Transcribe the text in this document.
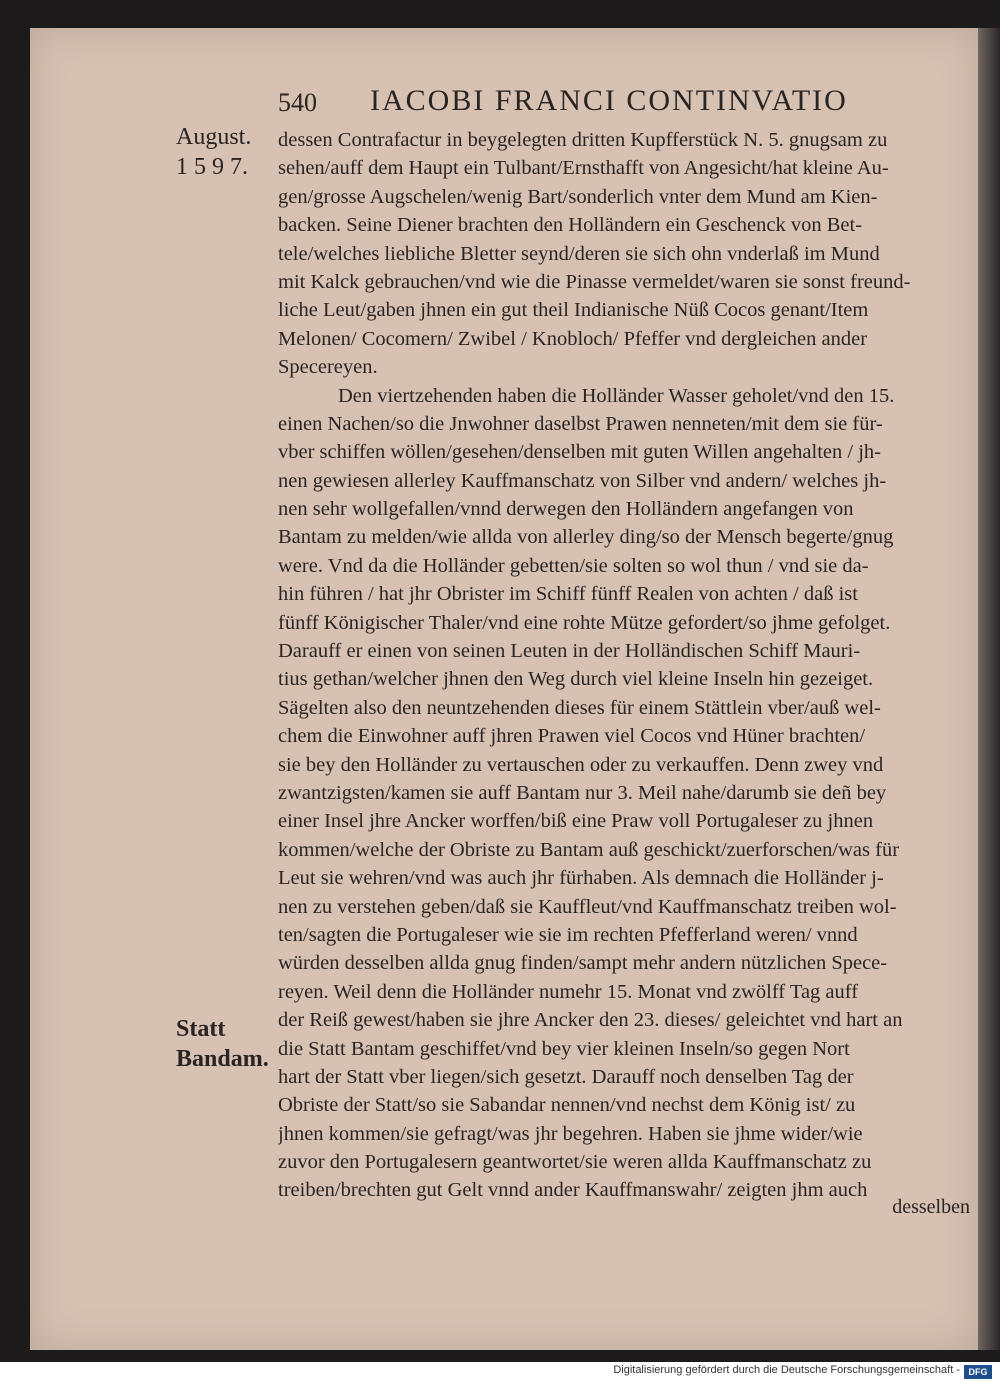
540 IACOBI FRANCI CONTINVATIO
August.
1 5 9 7.
Statt
Bandam.
dessen Contrafactur in beygelegten dritten Kupfferstück N. 5. gnugsam zu
sehen/auff dem Haupt ein Tulbant/Ernsthafft von Angesicht/hat kleine Au-
gen/grosse Augschelen/wenig Bart/sonderlich vnter dem Mund am Kien-
backen. Seine Diener brachten den Holländern ein Geschenck von Bet-
tele/welches liebliche Bletter seynd/deren sie sich ohn vnderlaß im Mund
mit Kalck gebrauchen/vnd wie die Pinasse vermeldet/waren sie sonst freund-
liche Leut/gaben jhnen ein gut theil Indianische Nüß Cocos genant/Item
Melonen/ Cocomern/ Zwibel / Knobloch/ Pfeffer vnd dergleichen ander
Spe​cereyen.
Den viertzehenden haben die Holländer Wasser geholet/vnd den 15.
einen Nachen/so die Jnwohner daselbst Prawen nenneten/mit dem sie für-
vber schiffen wöllen/gesehen/denselben mit guten Willen angehalten / jh-
nen gewiesen allerley Kauffmanschatz von Silber vnd andern/ welches jh-
nen sehr wollgefallen/vnnd derwegen den Holländern angefangen von
Bantam zu melden/wie allda von allerley ding/so der Mensch begerte/gnug
were. Vnd da die Holländer gebetten/sie solten so wol thun / vnd sie da-
hin führen / hat jhr Obrister im Schiff fünff Realen von achten / daß ist
fünff Königischer Thaler/vnd eine rohte Mütze gefordert/so jhme gefolget.
Darauff er einen von seinen Leuten in der Holländischen Schiff Mauri-
tius gethan/welcher jhnen den Weg durch viel kleine Inseln hin gezeiget.
Sägelten also den neuntzehenden dieses für einem Stättlein vber/auß wel-
chem die Einwohner auff jhren Prawen viel Cocos vnd Hüner brachten/
sie bey den Holländer zu vertauschen oder zu verkauffen. Denn zwey vnd
zwantzigsten/kamen sie auff Bantam nur 3. Meil nahe/darumb sie deñ bey
einer Insel jhre Ancker worffen/biß eine Praw voll Portugaleser zu jhnen
kommen/welche der Obriste zu Bantam auß geschickt/zuerforschen/was für
Leut sie wehren/vnd was auch jhr fürhaben. Als demnach die Holländer j-
nen zu verstehen geben/daß sie Kauffleut/vnd Kauffmanschatz treiben wol-
ten/sagten die Portugaleser wie sie im rechten Pfefferland weren/ vnnd
würden desselben allda gnug finden/sampt mehr andern nützlichen Spece-
reyen. Weil denn die Holländer numehr 15. Monat vnd zwölff Tag auff
der Reiß gewest/haben sie jhre Ancker den 23. dieses/ geleichtet vnd hart an
die Statt Bantam geschiffet/vnd bey vier kleinen Inseln/so gegen Nort
hart der Statt vber liegen/sich gesetzt. Darauff noch denselben Tag der
Obriste der Statt/so sie Sabandar nennen/vnd nechst dem König ist/ zu
jhnen kommen/sie gefragt/was jhr begehren. Haben sie jhme wider/wie
zuvor den Portugalesern geantwortet/sie weren allda Kauffmanschatz zu
treiben/brechten gut Gelt vnnd ander Kauffmanswahr/ zeigten jhm auch
desselben
Digitalisierung gefördert durch die Deutsche Forschungsgemeinschaft - DFG
